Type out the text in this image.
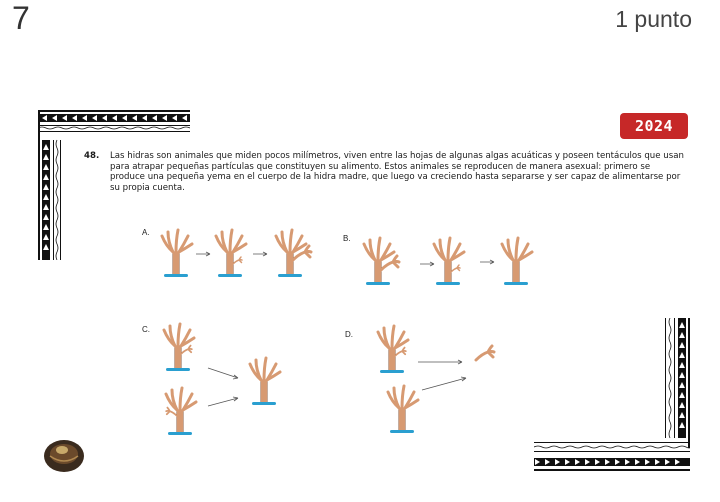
7	1 punto
2024
48.	Las hidras son animales que miden pocos milímetros, viven entre las hojas de algunas algas acuáticas y poseen tentáculos que usan para atrapar pequeñas partículas que constituyen su alimento. Estos animales se reproducen de manera asexual: primero se produce una pequeña yema en el cuerpo de la hidra madre, que luego va creciendo hasta separarse y ser capaz de alimentarse por su propia cuenta.
A.
B.
C.
D.
